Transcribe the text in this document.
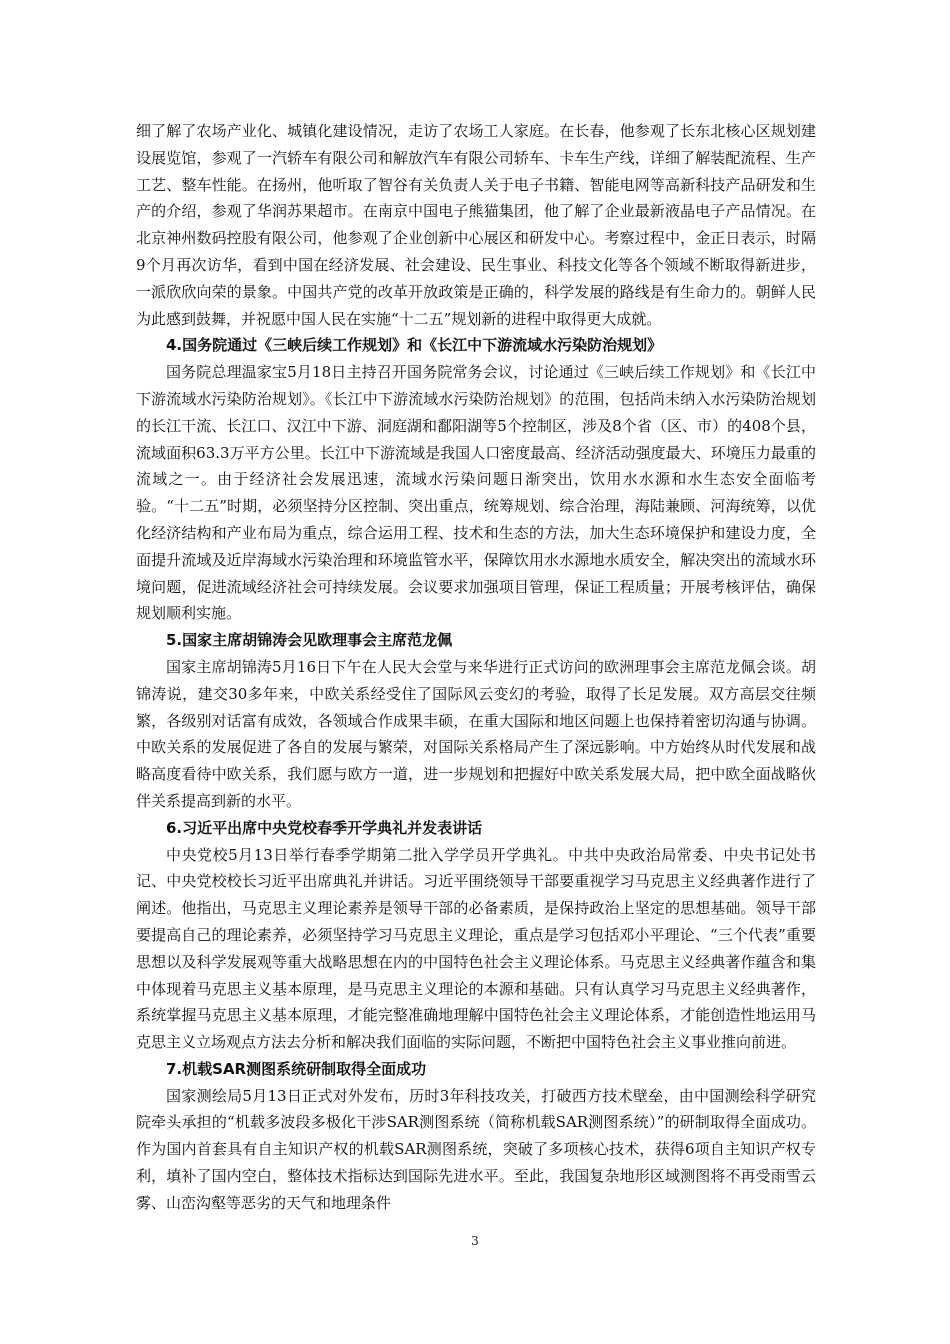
细了解了农场产业化、城镇化建设情况，走访了农场工人家庭。在长春，他参观了长东北核心区规划建设展览馆，参观了一汽轿车有限公司和解放汽车有限公司轿车、卡车生产线，详细了解装配流程、生产工艺、整车性能。在扬州，他听取了智谷有关负责人关于电子书籍、智能电网等高新科技产品研发和生产的介绍，参观了华润苏果超市。在南京中国电子熊猫集团，他了解了企业最新液晶电子产品情况。在北京神州数码控股有限公司，他参观了企业创新中心展区和研发中心。考察过程中，金正日表示，时隔9个月再次访华，看到中国在经济发展、社会建设、民生事业、科技文化等各个领域不断取得新进步，一派欣欣向荣的景象。中国共产党的改革开放政策是正确的，科学发展的路线是有生命力的。朝鲜人民为此感到鼓舞，并祝愿中国人民在实施“十二五”规划新的进程中取得更大成就。

4.国务院通过《三峡后续工作规划》和《长江中下游流域水污染防治规划》

国务院总理温家宝5月18日主持召开国务院常务会议，讨论通过《三峡后续工作规划》和《长江中下游流域水污染防治规划》。《长江中下游流域水污染防治规划》的范围，包括尚未纳入水污染防治规划的长江干流、长江口、汉江中下游、洞庭湖和鄱阳湖等5个控制区，涉及8个省（区、市）的408个县，流域面积63.3万平方公里。长江中下游流域是我国人口密度最高、经济活动强度最大、环境压力最重的流域之一。由于经济社会发展迅速，流域水污染问题日渐突出，饮用水水源和水生态安全面临考验。“十二五”时期，必须坚持分区控制、突出重点，统筹规划、综合治理，海陆兼顾、河海统筹，以优化经济结构和产业布局为重点，综合运用工程、技术和生态的方法，加大生态环境保护和建设力度，全面提升流域及近岸海域水污染治理和环境监管水平，保障饮用水水源地水质安全，解决突出的流域水环境问题，促进流域经济社会可持续发展。会议要求加强项目管理，保证工程质量；开展考核评估，确保规划顺利实施。

5.国家主席胡锦涛会见欧理事会主席范龙佩

国家主席胡锦涛5月16日下午在人民大会堂与来华进行正式访问的欧洲理事会主席范龙佩会谈。胡锦涛说，建交30多年来，中欧关系经受住了国际风云变幻的考验，取得了长足发展。双方高层交往频繁，各级别对话富有成效，各领域合作成果丰硕，在重大国际和地区问题上也保持着密切沟通与协调。中欧关系的发展促进了各自的发展与繁荣，对国际关系格局产生了深远影响。中方始终从时代发展和战略高度看待中欧关系，我们愿与欧方一道，进一步规划和把握好中欧关系发展大局，把中欧全面战略伙伴关系提高到新的水平。

6.习近平出席中央党校春季开学典礼并发表讲话

中央党校5月13日举行春季学期第二批入学学员开学典礼。中共中央政治局常委、中央书记处书记、中央党校校长习近平出席典礼并讲话。习近平围绕领导干部要重视学习马克思主义经典著作进行了阐述。他指出，马克思主义理论素养是领导干部的必备素质，是保持政治上坚定的思想基础。领导干部要提高自己的理论素养，必须坚持学习马克思主义理论，重点是学习包括邓小平理论、“三个代表”重要思想以及科学发展观等重大战略思想在内的中国特色社会主义理论体系。马克思主义经典著作蕴含和集中体现着马克思主义基本原理，是马克思主义理论的本源和基础。只有认真学习马克思主义经典著作，系统掌握马克思主义基本原理，才能完整准确地理解中国特色社会主义理论体系，才能创造性地运用马克思主义立场观点方法去分析和解决我们面临的实际问题，不断把中国特色社会主义事业推向前进。

7.机载SAR测图系统研制取得全面成功

国家测绘局5月13日正式对外发布，历时3年科技攻关，打破西方技术壁垒，由中国测绘科学研究院牵头承担的“机载多波段多极化干涉SAR测图系统（简称机载SAR测图系统）”的研制取得全面成功。作为国内首套具有自主知识产权的机载SAR测图系统，突破了多项核心技术，获得6项自主知识产权专利，填补了国内空白，整体技术指标达到国际先进水平。至此，我国复杂地形区域测图将不再受雨雪云雾、山峦沟壑等恶劣的天气和地理条件

3
